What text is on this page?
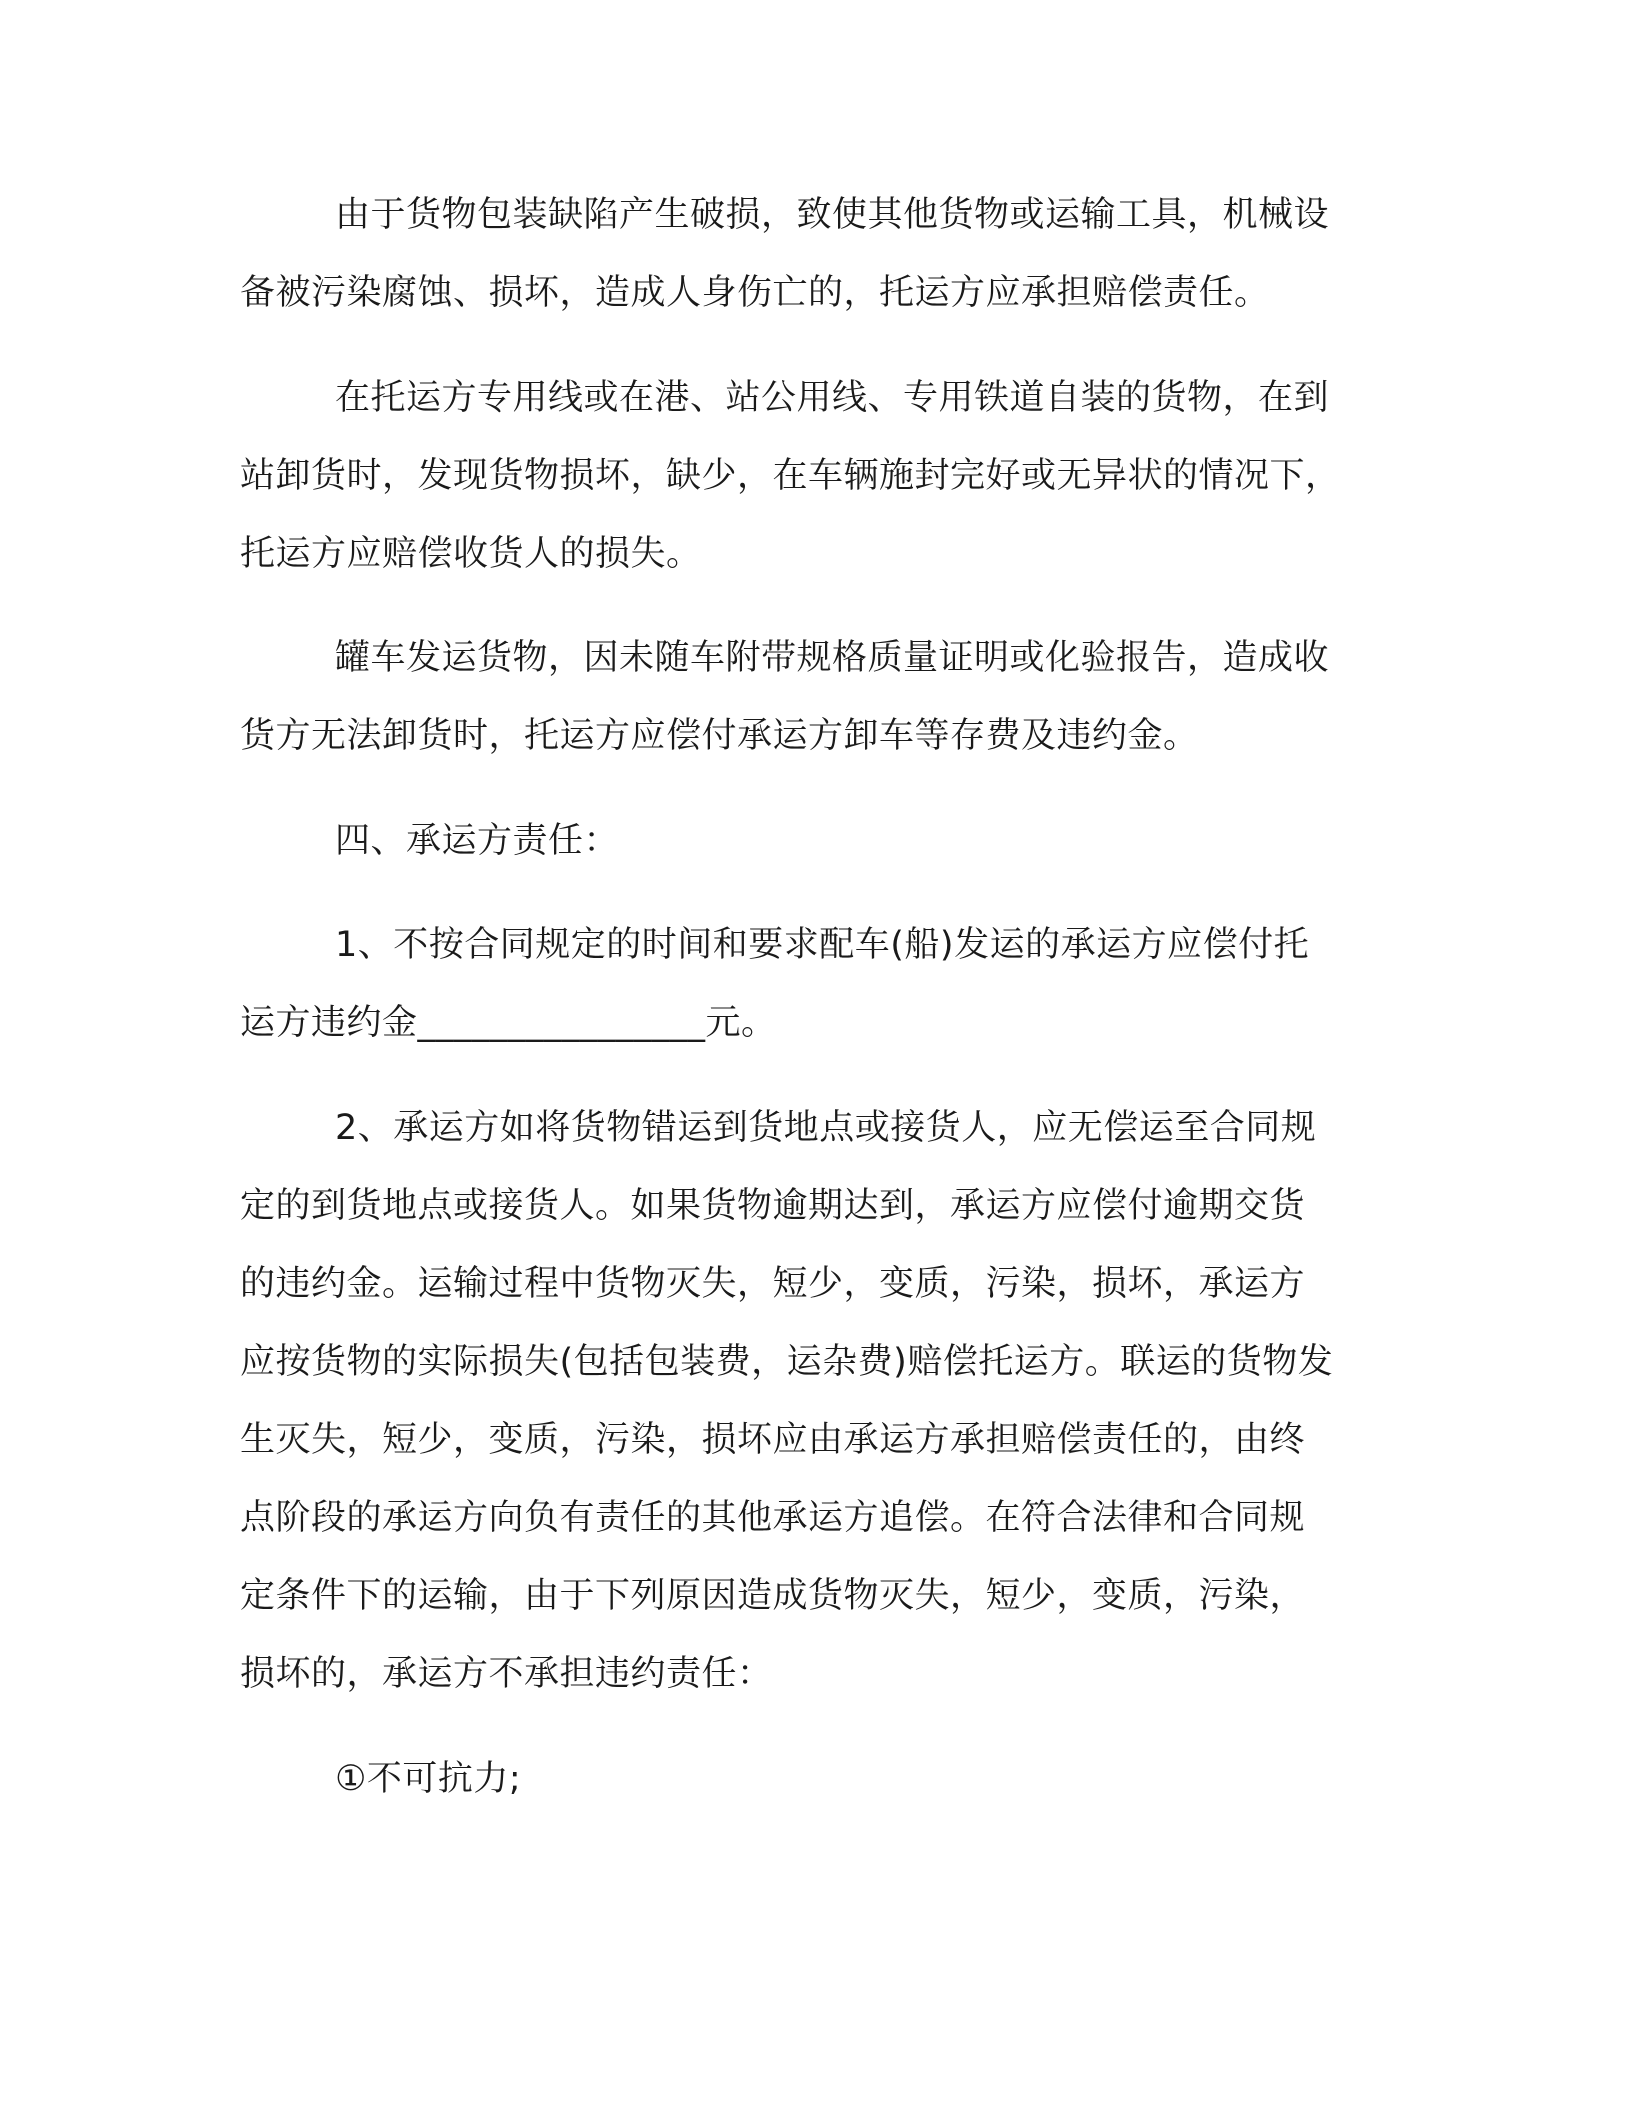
由于货物包装缺陷产生破损，致使其他货物或运输工具，机械设
备被污染腐蚀、损坏，造成人身伤亡的，托运方应承担赔偿责任。
在托运方专用线或在港、站公用线、专用铁道自装的货物，在到
站卸货时，发现货物损坏，缺少，在车辆施封完好或无异状的情况下，
托运方应赔偿收货人的损失。
罐车发运货物，因未随车附带规格质量证明或化验报告，造成收
货方无法卸货时，托运方应偿付承运方卸车等存费及违约金。
四、承运方责任：
1、不按合同规定的时间和要求配车(船)发运的承运方应偿付托
运方违约金________________元。
2、承运方如将货物错运到货地点或接货人，应无偿运至合同规
定的到货地点或接货人。如果货物逾期达到，承运方应偿付逾期交货
的违约金。运输过程中货物灭失，短少，变质，污染，损坏，承运方
应按货物的实际损失(包括包装费，运杂费)赔偿托运方。联运的货物发
生灭失，短少，变质，污染，损坏应由承运方承担赔偿责任的，由终
点阶段的承运方向负有责任的其他承运方追偿。在符合法律和合同规
定条件下的运输，由于下列原因造成货物灭失，短少，变质，污染，
损坏的，承运方不承担违约责任：
①不可抗力;
